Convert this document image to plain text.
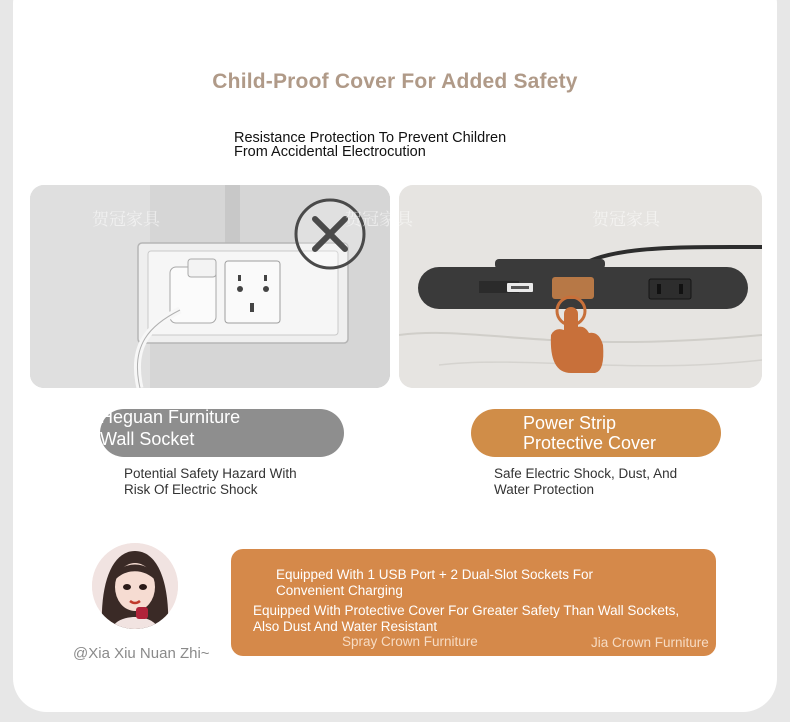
Child-Proof Cover For Added Safety
Resistance Protection To Prevent Children
From Accidental Electrocution
贺冠家具	贺冠家具	贺冠家具
Heguan Furniture
Wall Socket
Potential Safety Hazard With
Risk Of Electric Shock
Power Strip
Protective Cover
Safe Electric Shock, Dust, And
Water Protection
@Xia Xiu Nuan Zhi~
Equipped With 1 USB Port + 2 Dual-Slot Sockets For
Convenient Charging
Equipped With Protective Cover For Greater Safety Than Wall Sockets,
Also Dust And Water Resistant
Spray Crown Furniture	Jia Crown Furniture
